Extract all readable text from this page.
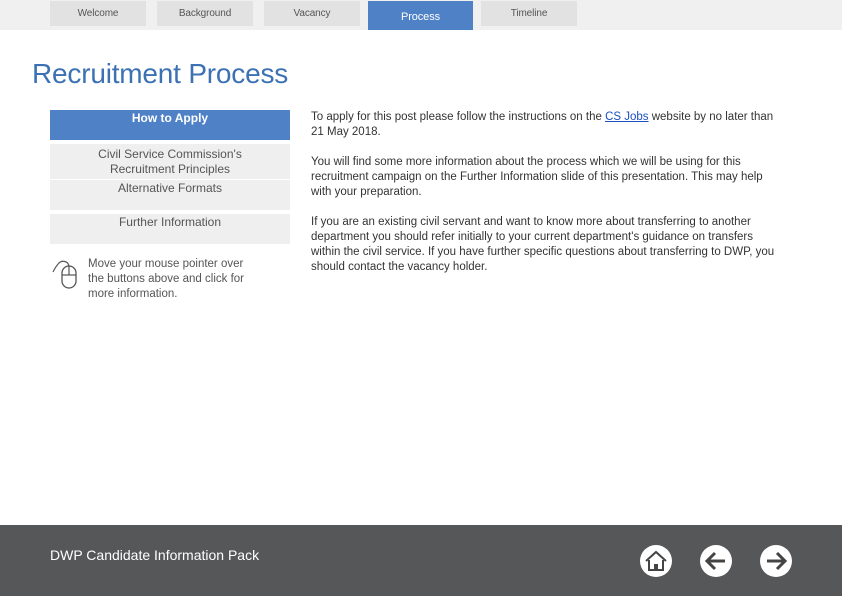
Welcome	Background	Vacancy	Process	Timeline
Recruitment Process
How to Apply
Civil Service Commission's
Recruitment Principles
Alternative Formats
Further Information
Move your mouse pointer over the buttons above and click for more information.
To apply for this post please follow the instructions on the CS Jobs website by no later than 21 May 2018.
You will find some more information about the process which we will be using for this recruitment campaign on the Further Information slide of this presentation. This may help with your preparation.
If you are an existing civil servant and want to know more about transferring to another department you should refer initially to your current department's guidance on transfers within the civil service. If you have further specific questions about transferring to DWP, you should contact the vacancy holder.
DWP Candidate Information Pack
